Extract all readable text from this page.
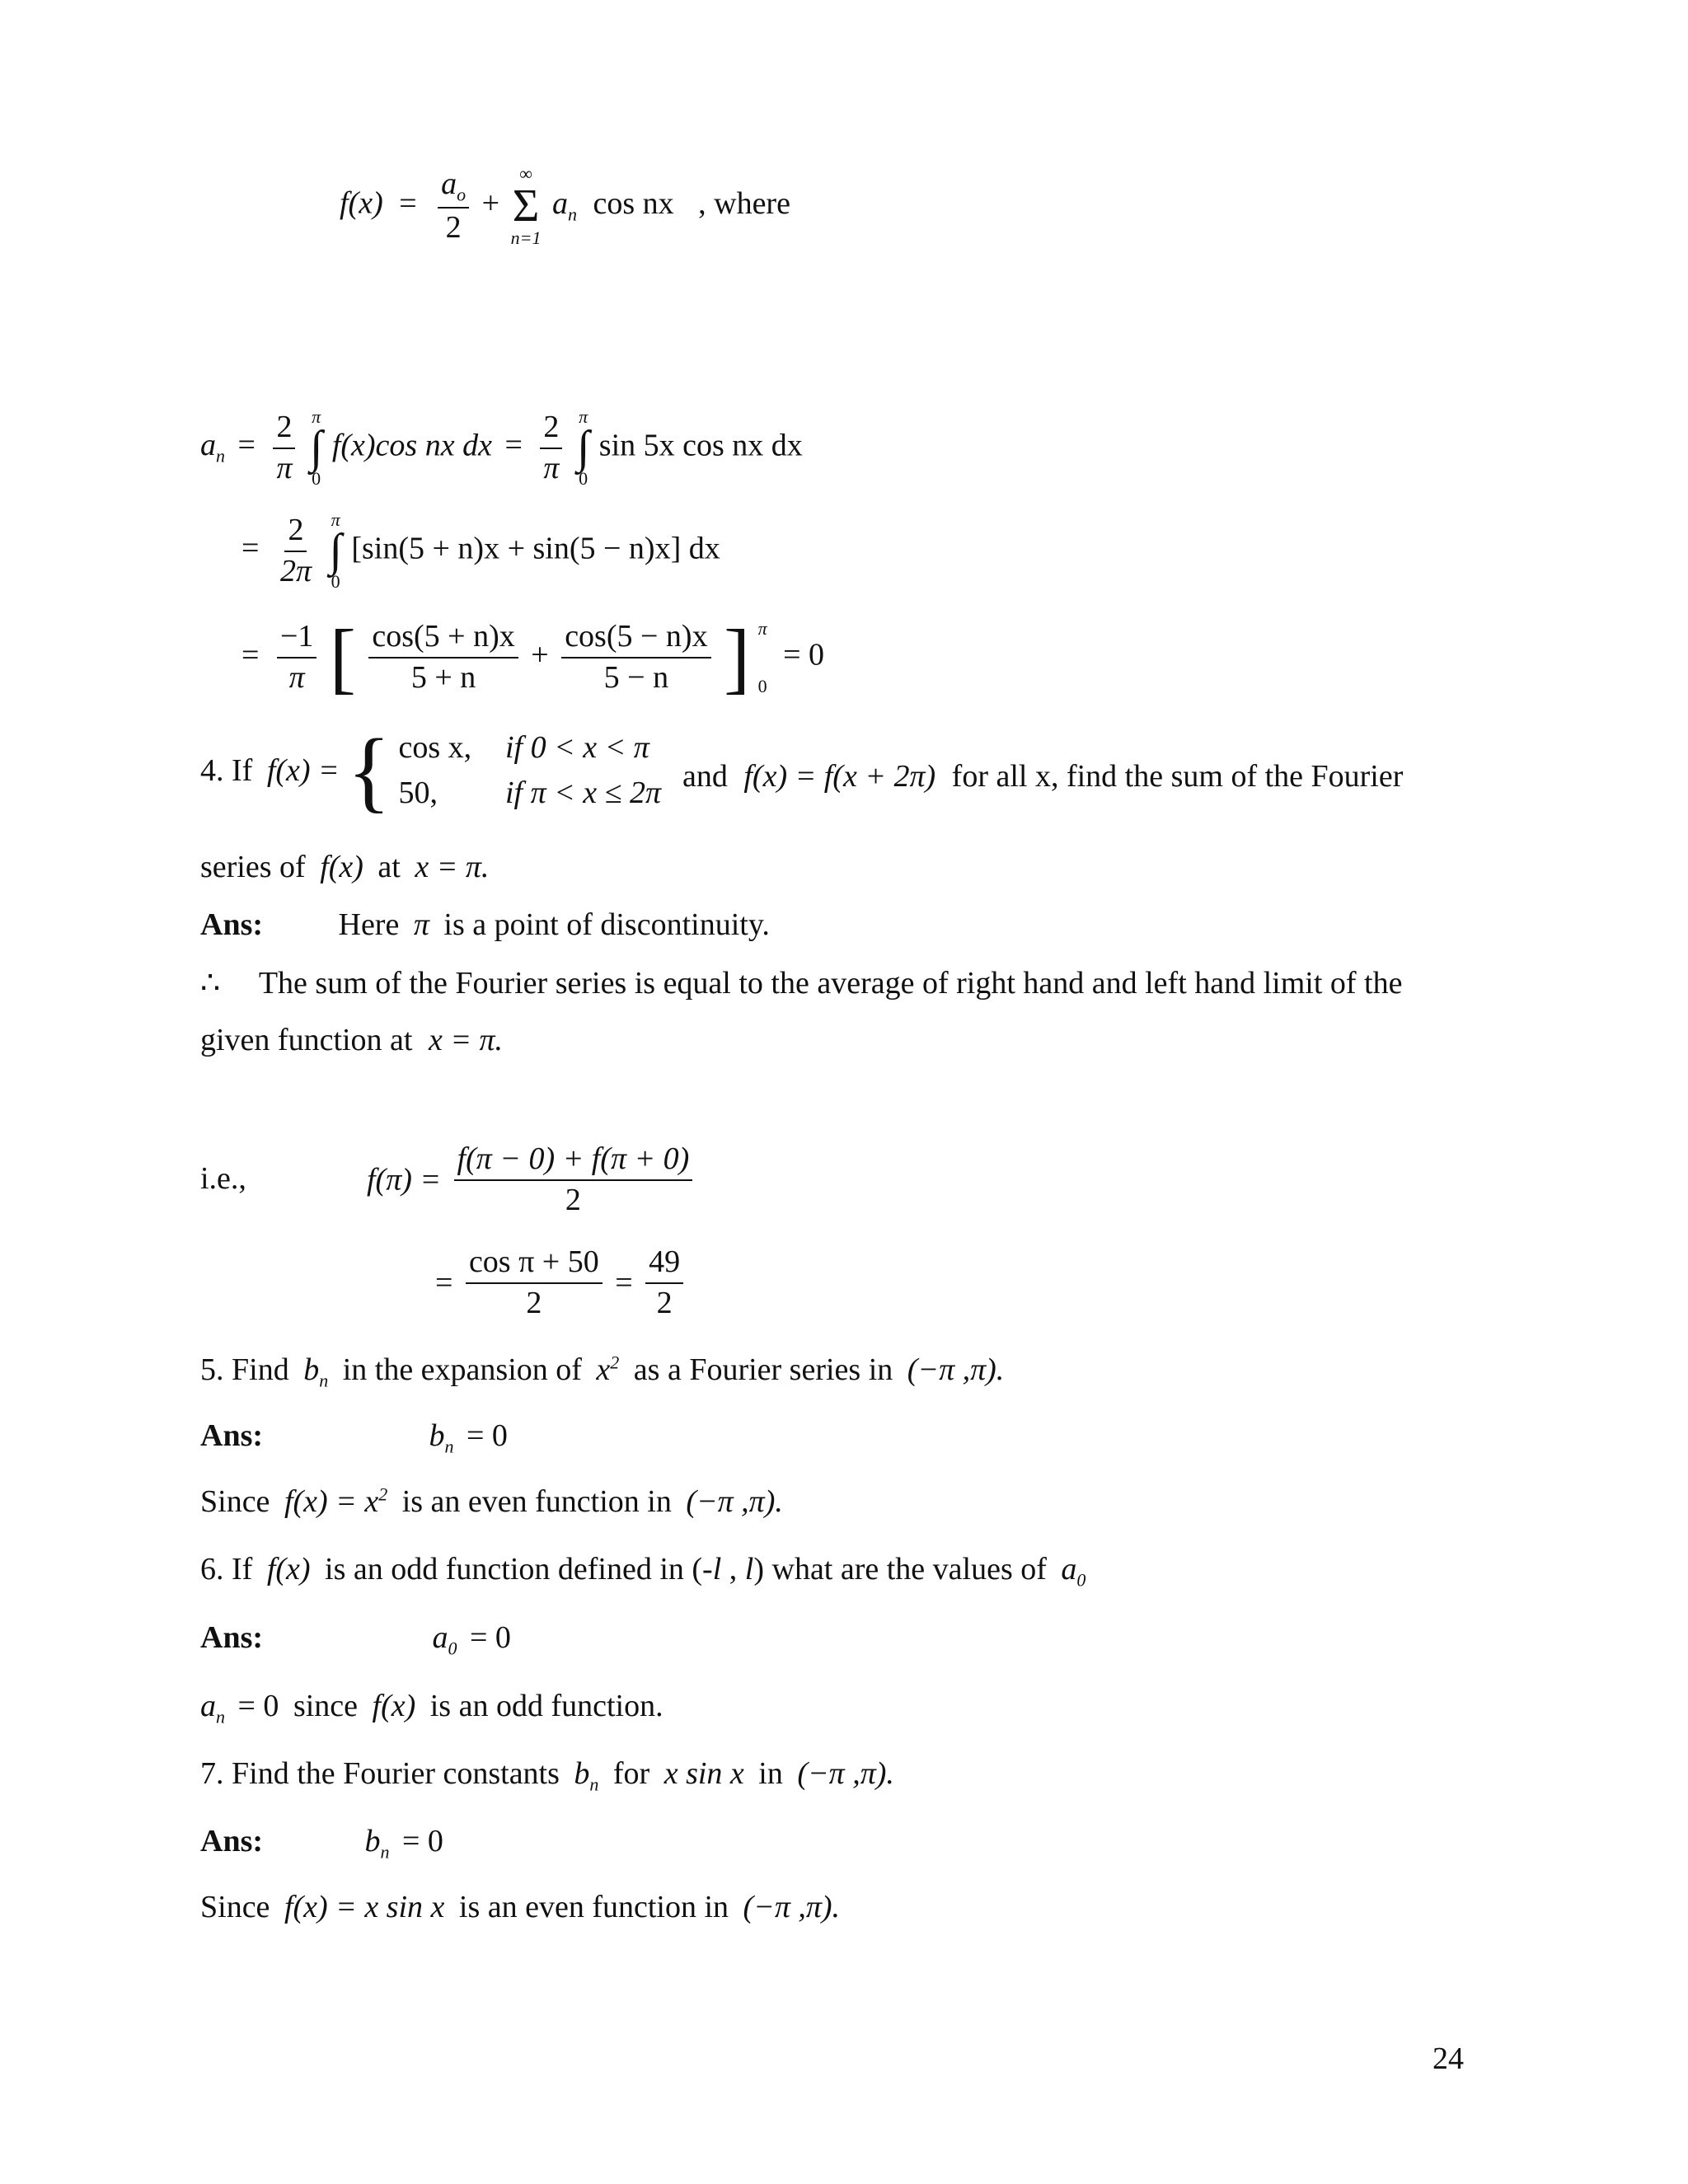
$f(x) = \frac{a_o}{2}$ +
∞
Σ
n=1
$a_n$ cos nx , where
$a_n = \frac{2}{\pi}$
π
∫
0
f(x)cos nx dx = $\frac{2}{\pi}$
π
∫
0
sin 5x cos nx dx
= $\frac{2}{2\pi}$
π
∫
0
[sin(5 + n)x + sin(5 − n)x] dx
= $\frac{-1}{\pi}$ [ $\frac{\cos(5 + n)x}{5 + n} + \frac{\cos(5 - n)x}{5 - n}$ ] π
0
= 0
4. If f(x) = { cos x, if 0 < x < π
50, if π < x ≤ 2π and f(x) = f(x + 2π) for all x, find the sum of the Fourier
series of f(x) at x = π.
Ans: Here π is a point of discontinuity.
∴ The sum of the Fourier series is equal to the average of right hand and left hand limit of the
given function at x = π.
i.e.,	$f(\pi) = \frac{f(\pi - 0) + f(\pi + 0)}{2}$
= $\frac{\text{cos π + 50}}{2} = \frac{49}{2}$
5. Find $b_n$ in the expansion of $x^2$ as a Fourier series in (−π ,π).
Ans:	$b_n = 0$
Since $f(x) = x^2$ is an even function in (−π ,π).
6. If f(x) is an odd function defined in (-l , l) what are the values of $a_0$
Ans:	$a_0 = 0$
$a_n = 0$ since f(x) is an odd function.
7. Find the Fourier constants $b_n$ for x sin x in (−π ,π).
Ans:	$b_n = 0$
Since f(x) = x sin x is an even function in (−π ,π).
24
